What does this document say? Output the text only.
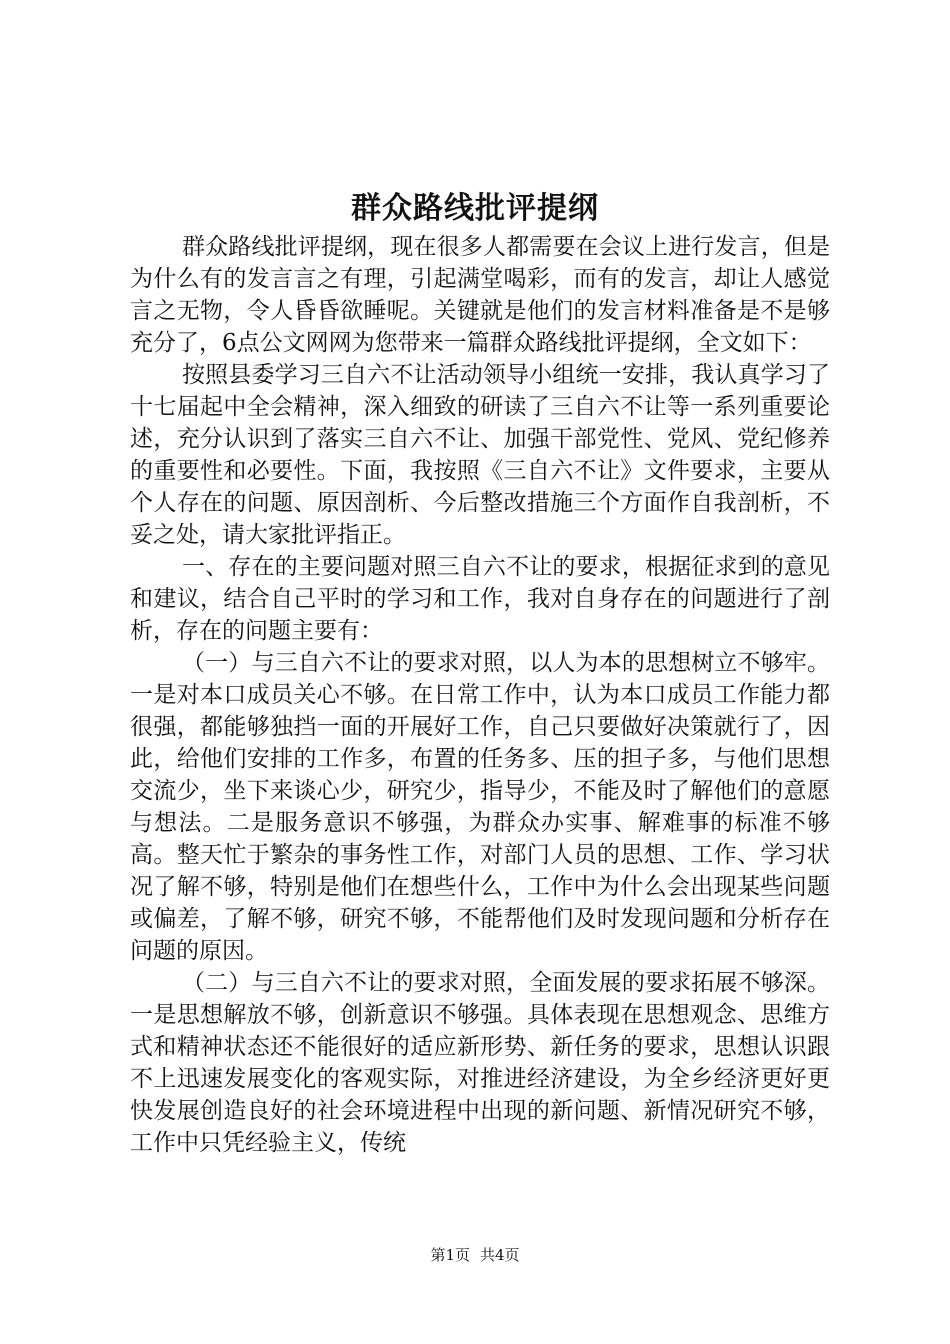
群众路线批评提纲

群众路线批评提纲，现在很多人都需要在会议上进行发言，但是为什么有的发言言之有理，引起满堂喝彩，而有的发言，却让人感觉言之无物，令人昏昏欲睡呢。关键就是他们的发言材料准备是不是够充分了，6点公文网网为您带来一篇群众路线批评提纲，全文如下：

按照县委学习三自六不让活动领导小组统一安排，我认真学习了十七届起中全会精神，深入细致的研读了三自六不让等一系列重要论述，充分认识到了落实三自六不让、加强干部党性、党风、党纪修养的重要性和必要性。下面，我按照《三自六不让》文件要求，主要从个人存在的问题、原因剖析、今后整改措施三个方面作自我剖析，不妥之处，请大家批评指正。

一、存在的主要问题对照三自六不让的要求，根据征求到的意见和建议，结合自己平时的学习和工作，我对自身存在的问题进行了剖析，存在的问题主要有：

（一）与三自六不让的要求对照，以人为本的思想树立不够牢。一是对本口成员关心不够。在日常工作中，认为本口成员工作能力都很强，都能够独挡一面的开展好工作，自己只要做好决策就行了，因此，给他们安排的工作多，布置的任务多、压的担子多，与他们思想交流少，坐下来谈心少，研究少，指导少，不能及时了解他们的意愿与想法。二是服务意识不够强，为群众办实事、解难事的标准不够高。整天忙于繁杂的事务性工作，对部门人员的思想、工作、学习状况了解不够，特别是他们在想些什么，工作中为什么会出现某些问题或偏差，了解不够，研究不够，不能帮他们及时发现问题和分析存在问题的原因。

（二）与三自六不让的要求对照，全面发展的要求拓展不够深。一是思想解放不够，创新意识不够强。具体表现在思想观念、思维方式和精神状态还不能很好的适应新形势、新任务的要求，思想认识跟不上迅速发展变化的客观实际，对推进经济建设，为全乡经济更好更快发展创造良好的社会环境进程中出现的新问题、新情况研究不够，工作中只凭经验主义，传统

第1页 共4页
